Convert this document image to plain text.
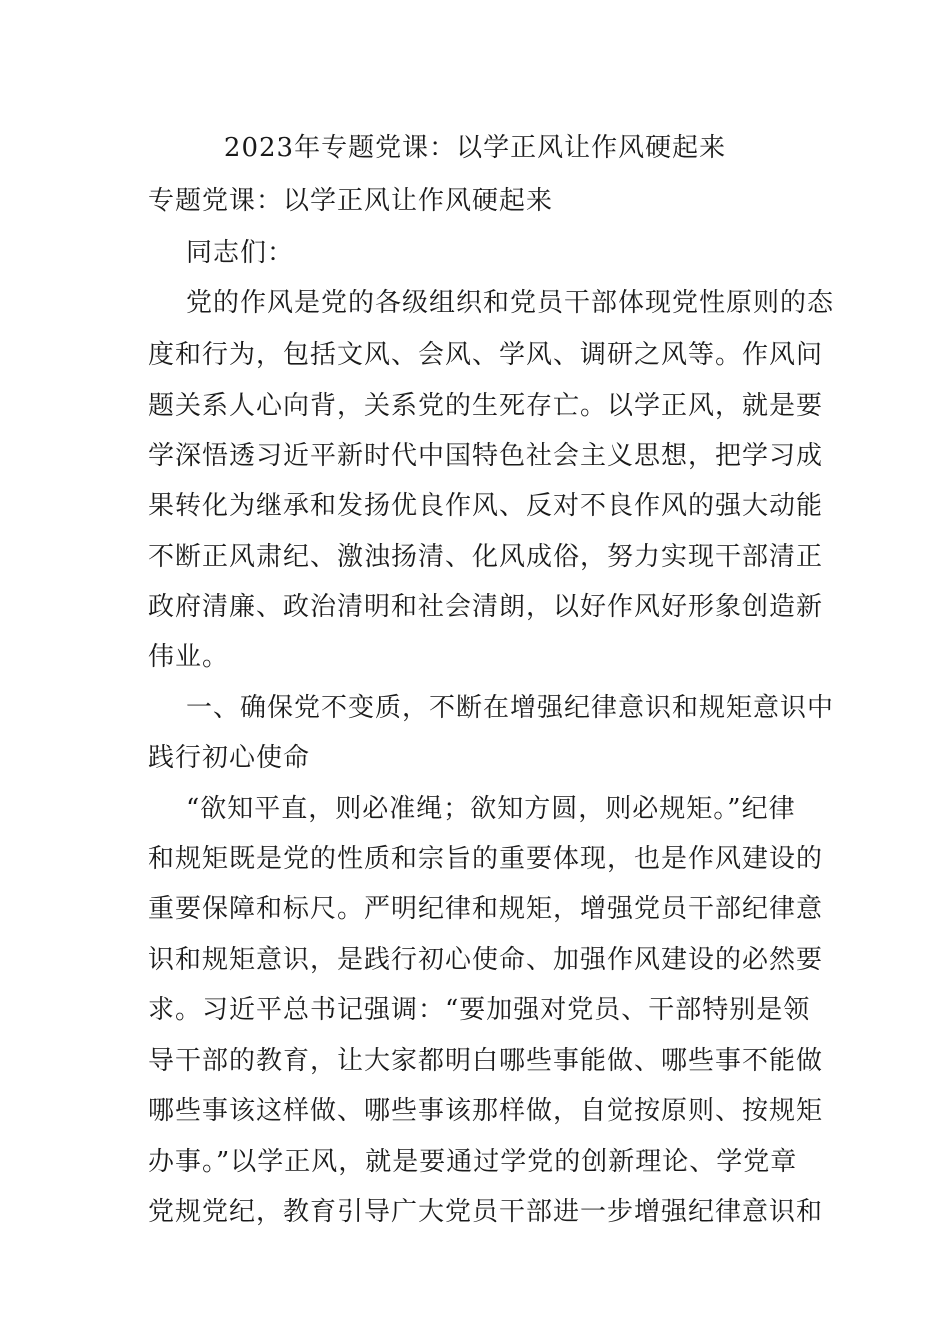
2023年专题党课：以学正风让作风硬起来
专题党课：以学正风让作风硬起来
同志们：
党的作风是党的各级组织和党员干部体现党性原则的态
度和行为，包括文风、会风、学风、调研之风等。作风问
题关系人心向背，关系党的生死存亡。以学正风，就是要
学深悟透习近平新时代中国特色社会主义思想，把学习成
果转化为继承和发扬优良作风、反对不良作风的强大动能
不断正风肃纪、激浊扬清、化风成俗，努力实现干部清正
政府清廉、政治清明和社会清朗，以好作风好形象创造新
伟业。
一、确保党不变质，不断在增强纪律意识和规矩意识中
践行初心使命
“欲知平直，则必准绳；欲知方圆，则必规矩。”纪律
和规矩既是党的性质和宗旨的重要体现，也是作风建设的
重要保障和标尺。严明纪律和规矩，增强党员干部纪律意
识和规矩意识，是践行初心使命、加强作风建设的必然要
求。习近平总书记强调：“要加强对党员、干部特别是领
导干部的教育，让大家都明白哪些事能做、哪些事不能做
哪些事该这样做、哪些事该那样做，自觉按原则、按规矩
办事。”以学正风，就是要通过学党的创新理论、学党章
党规党纪，教育引导广大党员干部进一步增强纪律意识和
